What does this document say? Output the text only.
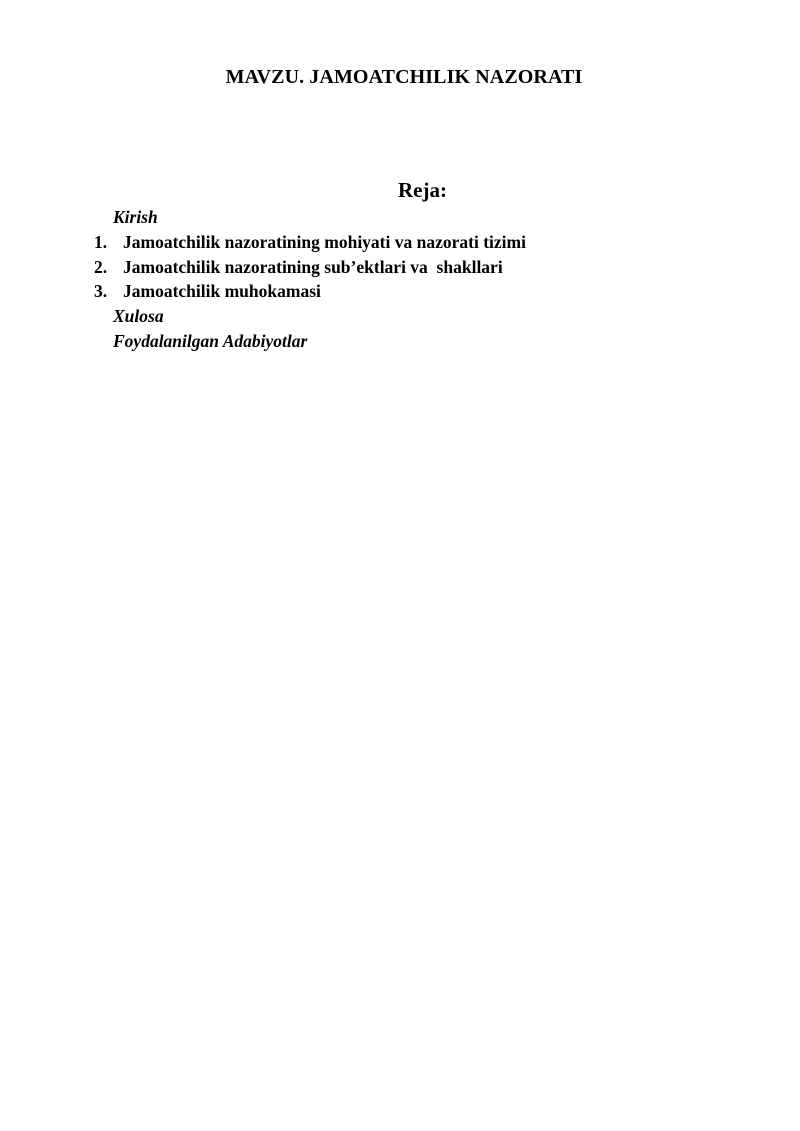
MAVZU. JAMOATCHILIK NAZORATI
Reja:
Kirish
1. Jamoatchilik nazoratining mohiyati va nazorati tizimi
2. Jamoatchilik nazoratining sub’ektlari va  shakllari
3. Jamoatchilik muhokamasi
Xulosa
Foydalanilgan Adabiyotlar
